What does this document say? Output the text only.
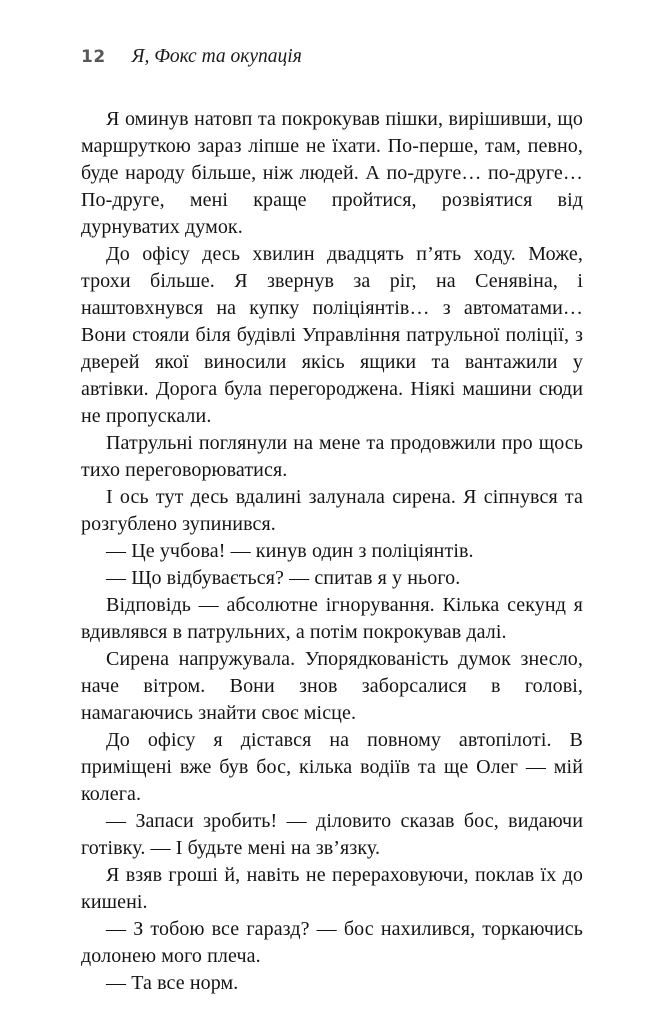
12 Я, Фокс та окупація

Я оминув натовп та покрокував пішки, вирішивши, що маршруткою зараз ліпше не їхати. По-перше, там, певно, буде народу більше, ніж людей. А по-друге… по-друге… По-друге, мені краще пройтися, розвіятися від дурнуватих думок.

До офісу десь хвилин двадцять п’ять ходу. Може, трохи більше. Я звернув за ріг, на Сенявіна, і наштовхнувся на купку поліціянтів… з автоматами… Вони стояли біля будівлі Управління патрульної поліції, з дверей якої виносили якісь ящики та вантажили у автівки. Дорога була перегороджена. Ніякі машини сюди не пропускали.

Патрульні поглянули на мене та продовжили про щось тихо переговорюватися.

І ось тут десь вдалині залунала сирена. Я сіпнувся та розгублено зупинився.

— Це учбова! — кинув один з поліціянтів.

— Що відбувається? — спитав я у нього.

Відповідь — абсолютне ігнорування. Кілька секунд я вдивлявся в патрульних, а потім покрокував далі.

Сирена напружувала. Упорядкованість думок знесло, наче вітром. Вони знов заборсалися в голові, намагаючись знайти своє місце.

До офісу я дістався на повному автопілоті. В приміщені вже був бос, кілька водіїв та ще Олег — мій колега.

— Запаси зробить! — діловито сказав бос, видаючи готівку. — І будьте мені на зв’язку.

Я взяв гроші й, навіть не перераховуючи, поклав їх до кишені.

— З тобою все гаразд? — бос нахилився, торкаючись долонею мого плеча.

— Та все норм.
